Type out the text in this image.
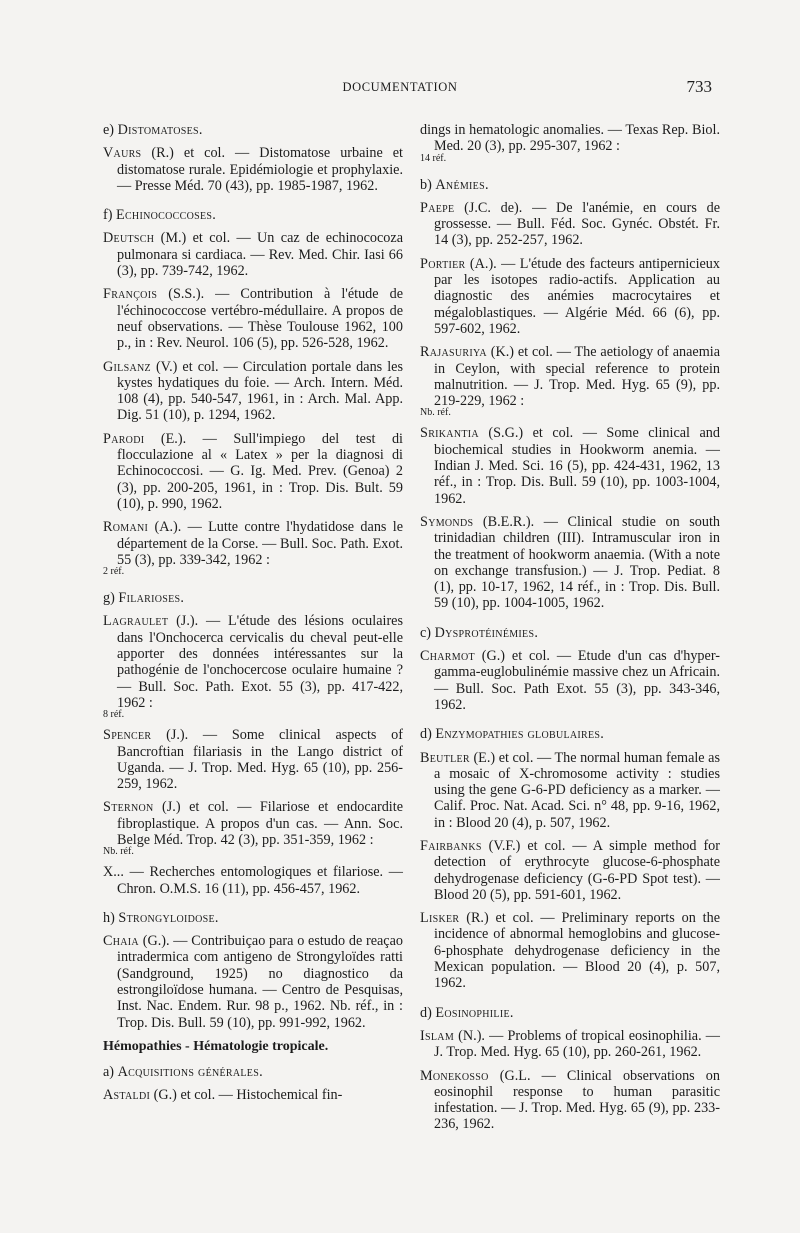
DOCUMENTATION	733
e) Distomatoses.
Vaurs (R.) et col. — Distomatose urbaine et distomatose rurale. Epidémiologie et prophylaxie. — Presse Méd. 70 (43), pp. 1985-1987, 1962.
f) Echinococcoses.
Deutsch (M.) et col. — Un caz de echinococoza pulmonara si cardiaca. — Rev. Med. Chir. Iasi 66 (3), pp. 739-742, 1962.
François (S.S.). — Contribution à l'étude de l'échinococcose vertébro-médullaire. A propos de neuf observations. — Thèse Toulouse 1962, 100 p., in : Rev. Neurol. 106 (5), pp. 526-528, 1962.
Gilsanz (V.) et col. — Circulation portale dans les kystes hydatiques du foie. — Arch. Intern. Méd. 108 (4), pp. 540-547, 1961, in : Arch. Mal. App. Dig. 51 (10), p. 1294, 1962.
Parodi (E.). — Sull'impiego del test di flocculazione al « Latex » per la diagnosi di Echinococcosi. — G. Ig. Med. Prev. (Genoa) 2 (3), pp. 200-205, 1961, in : Trop. Dis. Bult. 59 (10), p. 990, 1962.
Romani (A.). — Lutte contre l'hydatidose dans le département de la Corse. — Bull. Soc. Path. Exot. 55 (3), pp. 339-342, 1962 :
2 réf.
g) Filarioses.
Lagraulet (J.). — L'étude des lésions oculaires dans l'Onchocerca cervicalis du cheval peut-elle apporter des données intéressantes sur la pathogénie de l'onchocercose oculaire humaine ? — Bull. Soc. Path. Exot. 55 (3), pp. 417-422, 1962 :
8 réf.
Spencer (J.). — Some clinical aspects of Bancroftian filariasis in the Lango district of Uganda. — J. Trop. Med. Hyg. 65 (10), pp. 256-259, 1962.
Sternon (J.) et col. — Filariose et endocardite fibroplastique. A propos d'un cas. — Ann. Soc. Belge Méd. Trop. 42 (3), pp. 351-359, 1962 :
Nb. réf.
X... — Recherches entomologiques et filariose. — Chron. O.M.S. 16 (11), pp. 456-457, 1962.
h) Strongyloidose.
Chaia (G.). — Contribuiçao para o estudo de reaçao intradermica com antigeno de Strongyloïdes ratti (Sandground, 1925) no diagnostico da estrongiloïdose humana. — Centro de Pesquisas, Inst. Nac. Endem. Rur. 98 p., 1962. Nb. réf., in : Trop. Dis. Bull. 59 (10), pp. 991-992, 1962.
Hémopathies - Hématologie tropicale.
a) Acquisitions générales.
Astaldi (G.) et col. — Histochemical fin-
dings in hematologic anomalies. — Texas Rep. Biol. Med. 20 (3), pp. 295-307, 1962 :
14 réf.
b) Anémies.
Paepe (J.C. de). — De l'anémie, en cours de grossesse. — Bull. Féd. Soc. Gynéc. Obstét. Fr. 14 (3), pp. 252-257, 1962.
Portier (A.). — L'étude des facteurs antipernicieux par les isotopes radio-actifs. Application au diagnostic des anémies macrocytaires et mégaloblastiques. — Algérie Méd. 66 (6), pp. 597-602, 1962.
Rajasuriya (K.) et col. — The aetiology of anaemia in Ceylon, with special reference to protein malnutrition. — J. Trop. Med. Hyg. 65 (9), pp. 219-229, 1962 :
Nb. réf.
Srikantia (S.G.) et col. — Some clinical and biochemical studies in Hookworm anemia. — Indian J. Med. Sci. 16 (5), pp. 424-431, 1962, 13 réf., in : Trop. Dis. Bull. 59 (10), pp. 1003-1004, 1962.
Symonds (B.E.R.). — Clinical studie on south trinidadian children (III). Intramuscular iron in the treatment of hookworm anaemia. (With a note on exchange transfusion.) — J. Trop. Pediat. 8 (1), pp. 10-17, 1962, 14 réf., in : Trop. Dis. Bull. 59 (10), pp. 1004-1005, 1962.
c) Dysprotéinémies.
Charmot (G.) et col. — Etude d'un cas d'hyper-gamma-euglobulinémie massive chez un Africain. — Bull. Soc. Path Exot. 55 (3), pp. 343-346, 1962.
d) Enzymopathies globulaires.
Beutler (E.) et col. — The normal human female as a mosaic of X-chromosome activity : studies using the gene G-6-PD deficiency as a marker. — Calif. Proc. Nat. Acad. Sci. n° 48, pp. 9-16, 1962, in : Blood 20 (4), p. 507, 1962.
Fairbanks (V.F.) et col. — A simple method for detection of erythrocyte glucose-6-phosphate dehydrogenase deficiency (G-6-PD Spot test). — Blood 20 (5), pp. 591-601, 1962.
Lisker (R.) et col. — Preliminary reports on the incidence of abnormal hemoglobins and glucose-6-phosphate dehydrogenase deficiency in the Mexican population. — Blood 20 (4), p. 507, 1962.
d) Eosinophilie.
Islam (N.). — Problems of tropical eosinophilia. — J. Trop. Med. Hyg. 65 (10), pp. 260-261, 1962.
Monekosso (G.L. — Clinical observations on eosinophil response to human parasitic infestation. — J. Trop. Med. Hyg. 65 (9), pp. 233-236, 1962.
